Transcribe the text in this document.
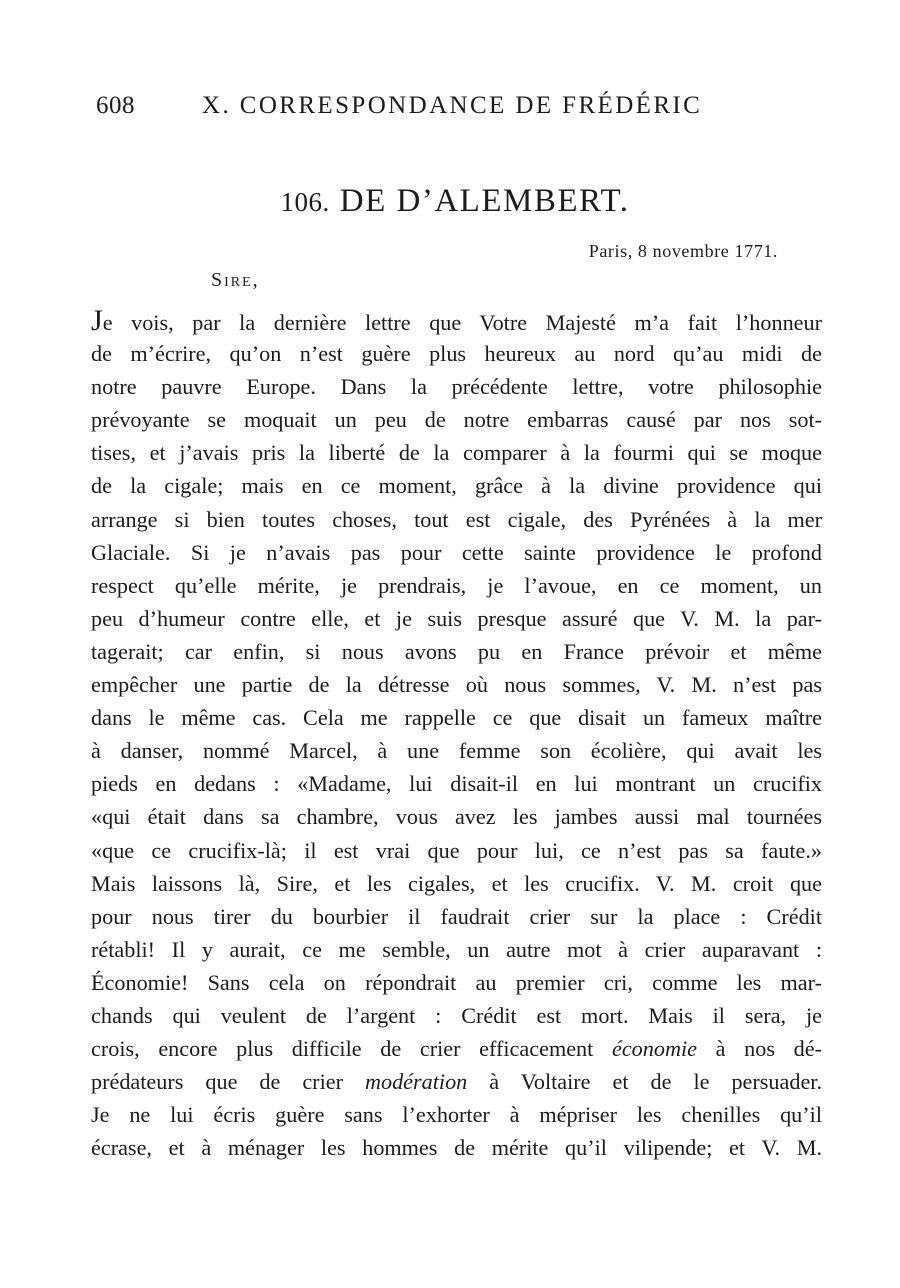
608	X. CORRESPONDANCE DE FRÉDÉRIC
106. DE D’ALEMBERT.
Paris, 8 novembre 1771.
Sire,
Je vois, par la dernière lettre que Votre Majesté m’a fait l’honneur
de m’écrire, qu’on n’est guère plus heureux au nord qu’au midi de
notre pauvre Europe. Dans la précédente lettre, votre philosophie
prévoyante se moquait un peu de notre embarras causé par nos sot-
tises, et j’avais pris la liberté de la comparer à la fourmi qui se moque
de la cigale; mais en ce moment, grâce à la divine providence qui
arrange si bien toutes choses, tout est cigale, des Pyrénées à la mer
Glaciale. Si je n’avais pas pour cette sainte providence le profond
respect qu’elle mérite, je prendrais, je l’avoue, en ce moment, un
peu d’humeur contre elle, et je suis presque assuré que V. M. la par-
tagerait; car enfin, si nous avons pu en France prévoir et même
empêcher une partie de la détresse où nous sommes, V. M. n’est pas
dans le même cas. Cela me rappelle ce que disait un fameux maître
à danser, nommé Marcel, à une femme son écolière, qui avait les
pieds en dedans : «Madame, lui disait-il en lui montrant un crucifix
«qui était dans sa chambre, vous avez les jambes aussi mal tournées
«que ce crucifix-là; il est vrai que pour lui, ce n’est pas sa faute.»
Mais laissons là, Sire, et les cigales, et les crucifix. V. M. croit que
pour nous tirer du bourbier il faudrait crier sur la place : Crédit
rétabli! Il y aurait, ce me semble, un autre mot à crier auparavant :
Économie! Sans cela on répondrait au premier cri, comme les mar-
chands qui veulent de l’argent : Crédit est mort. Mais il sera, je
crois, encore plus difficile de crier efficacement économie à nos dé-
prédateurs que de crier modération à Voltaire et de le persuader.
Je ne lui écris guère sans l’exhorter à mépriser les chenilles qu’il
écrase, et à ménager les hommes de mérite qu’il vilipende; et V. M.
